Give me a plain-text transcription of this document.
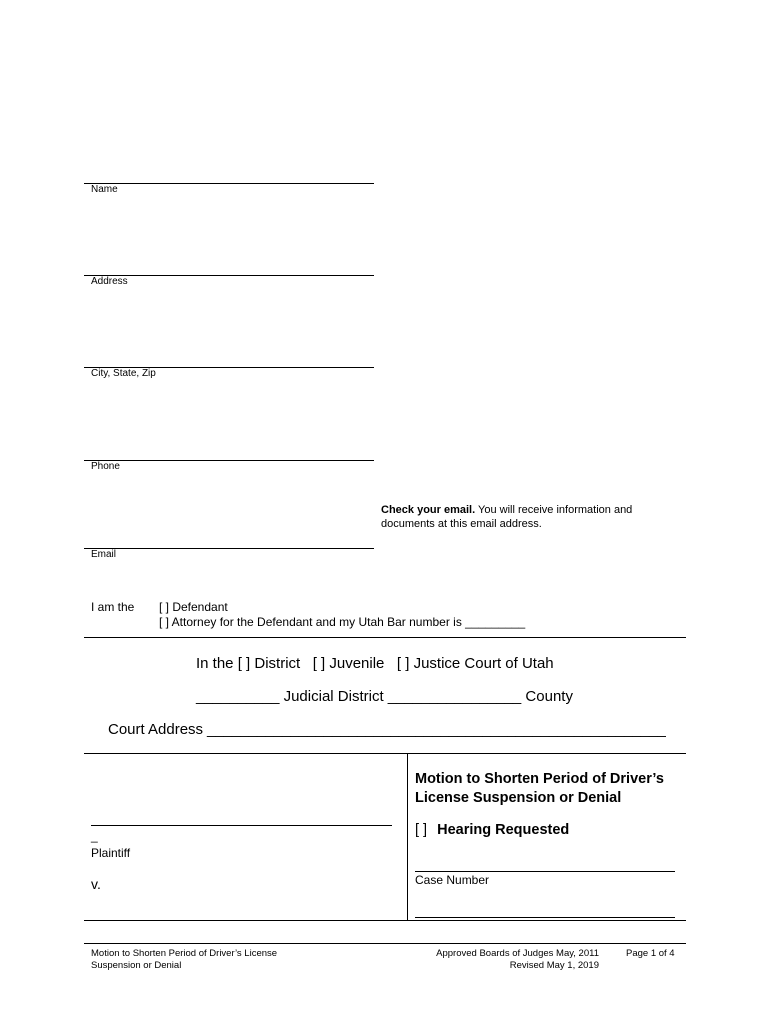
Name
Address
City, State, Zip
Phone
Check your email. You will receive information and
documents at this email address.
Email
I am the [ ] Defendant
[ ] Attorney for the Defendant and my Utah Bar number is _________
In the [ ] District   [ ] Juvenile   [ ] Justice Court of Utah
__________ Judicial District ________________ County
Court Address _______________________________________________________
_
Plaintiff
v.
Motion to Shorten Period of Driver’s
License Suspension or Denial
[ ] Hearing Requested
Case Number
Motion to Shorten Period of Driver’s License
Suspension or Denial
Approved Boards of Judges May, 2011
Revised May 1, 2019
Page 1 of 4
